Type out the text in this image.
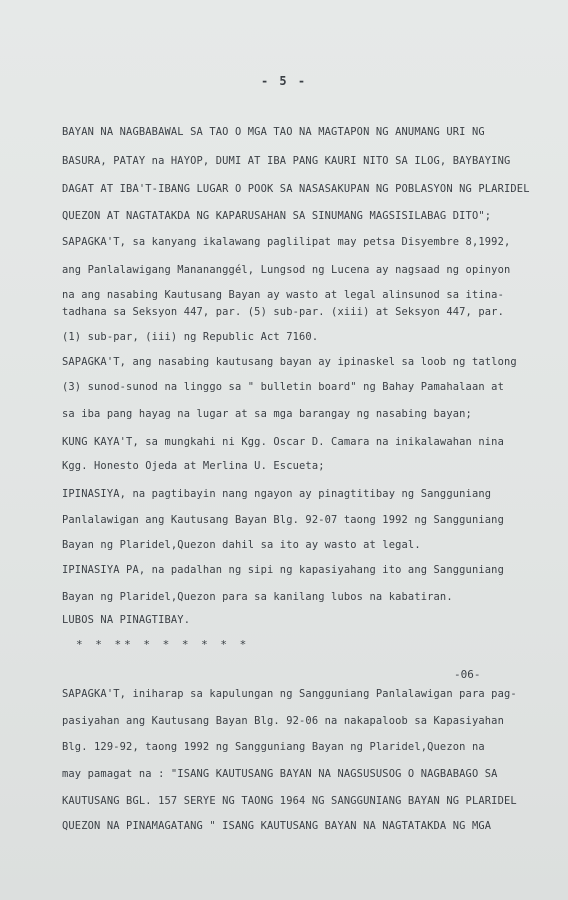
- 5 -

BAYAN NA NAGBABAWAL SA TAO O MGA TAO NA MAGTAPON NG ANUMANG URI NG

BASURA, PATAY na HAYOP, DUMI AT IBA PANG KAURI NITO SA ILOG, BAYBAYING

DAGAT AT IBA'T-IBANG LUGAR O POOK SA NASASAKUPAN NG POBLASYON NG PLARIDEL

QUEZON AT NAGTATAKDA NG KAPARUSAHAN SA SINUMANG MAGSISILABAG DITO";

SAPAGKA'T, sa kanyang ikalawang paglilipat may petsa Disyembre 8,1992,

ang Panlalawigang Manananggél, Lungsod ng Lucena ay nagsaad ng opinyon

na ang nasabing Kautusang Bayan ay wasto at legal alinsunod sa itina-

tadhana sa Seksyon 447, par. (5) sub-par. (xiii) at Seksyon 447, par.

(1) sub-par, (iii) ng Republic Act 7160.

SAPAGKA'T, ang nasabing kautusang bayan ay ipinaskel sa loob ng tatlong

(3) sunod-sunod na linggo sa " bulletin board" ng Bahay Pamahalaan at

sa iba pang hayag na lugar at sa mga barangay ng nasabing bayan;

KUNG KAYA'T, sa mungkahi ni Kgg. Oscar D. Camara na inikalawahan nina

Kgg. Honesto Ojeda at Merlina U. Escueta;

IPINASIYA, na pagtibayin nang ngayon ay pinagtitibay ng Sangguniang

Panlalawigan ang Kautusang Bayan Blg. 92-07 taong 1992 ng Sangguniang

Bayan ng Plaridel,Quezon dahil sa ito ay wasto at legal.

IPINASIYA PA, na padalhan ng sipi ng kapasiyahang ito ang Sangguniang

Bayan ng Plaridel,Quezon para sa kanilang lubos na kabatiran.

LUBOS NA PINAGTIBAY.

* * ** * * * * * *

-06-

SAPAGKA'T, iniharap sa kapulungan ng Sangguniang Panlalawigan para pag-

pasiyahan ang Kautusang Bayan Blg. 92-06 na nakapaloob sa Kapasiyahan

Blg. 129-92, taong 1992 ng Sangguniang Bayan ng Plaridel,Quezon na

may pamagat na : "ISANG KAUTUSANG BAYAN NA NAGSUSUSOG O NAGBABAGO SA

KAUTUSANG BGL. 157 SERYE NG TAONG 1964 NG SANGGUNIANG BAYAN NG PLARIDEL

QUEZON NA PINAMAGATANG " ISANG KAUTUSANG BAYAN NA NAGTATAKDA NG MGA
